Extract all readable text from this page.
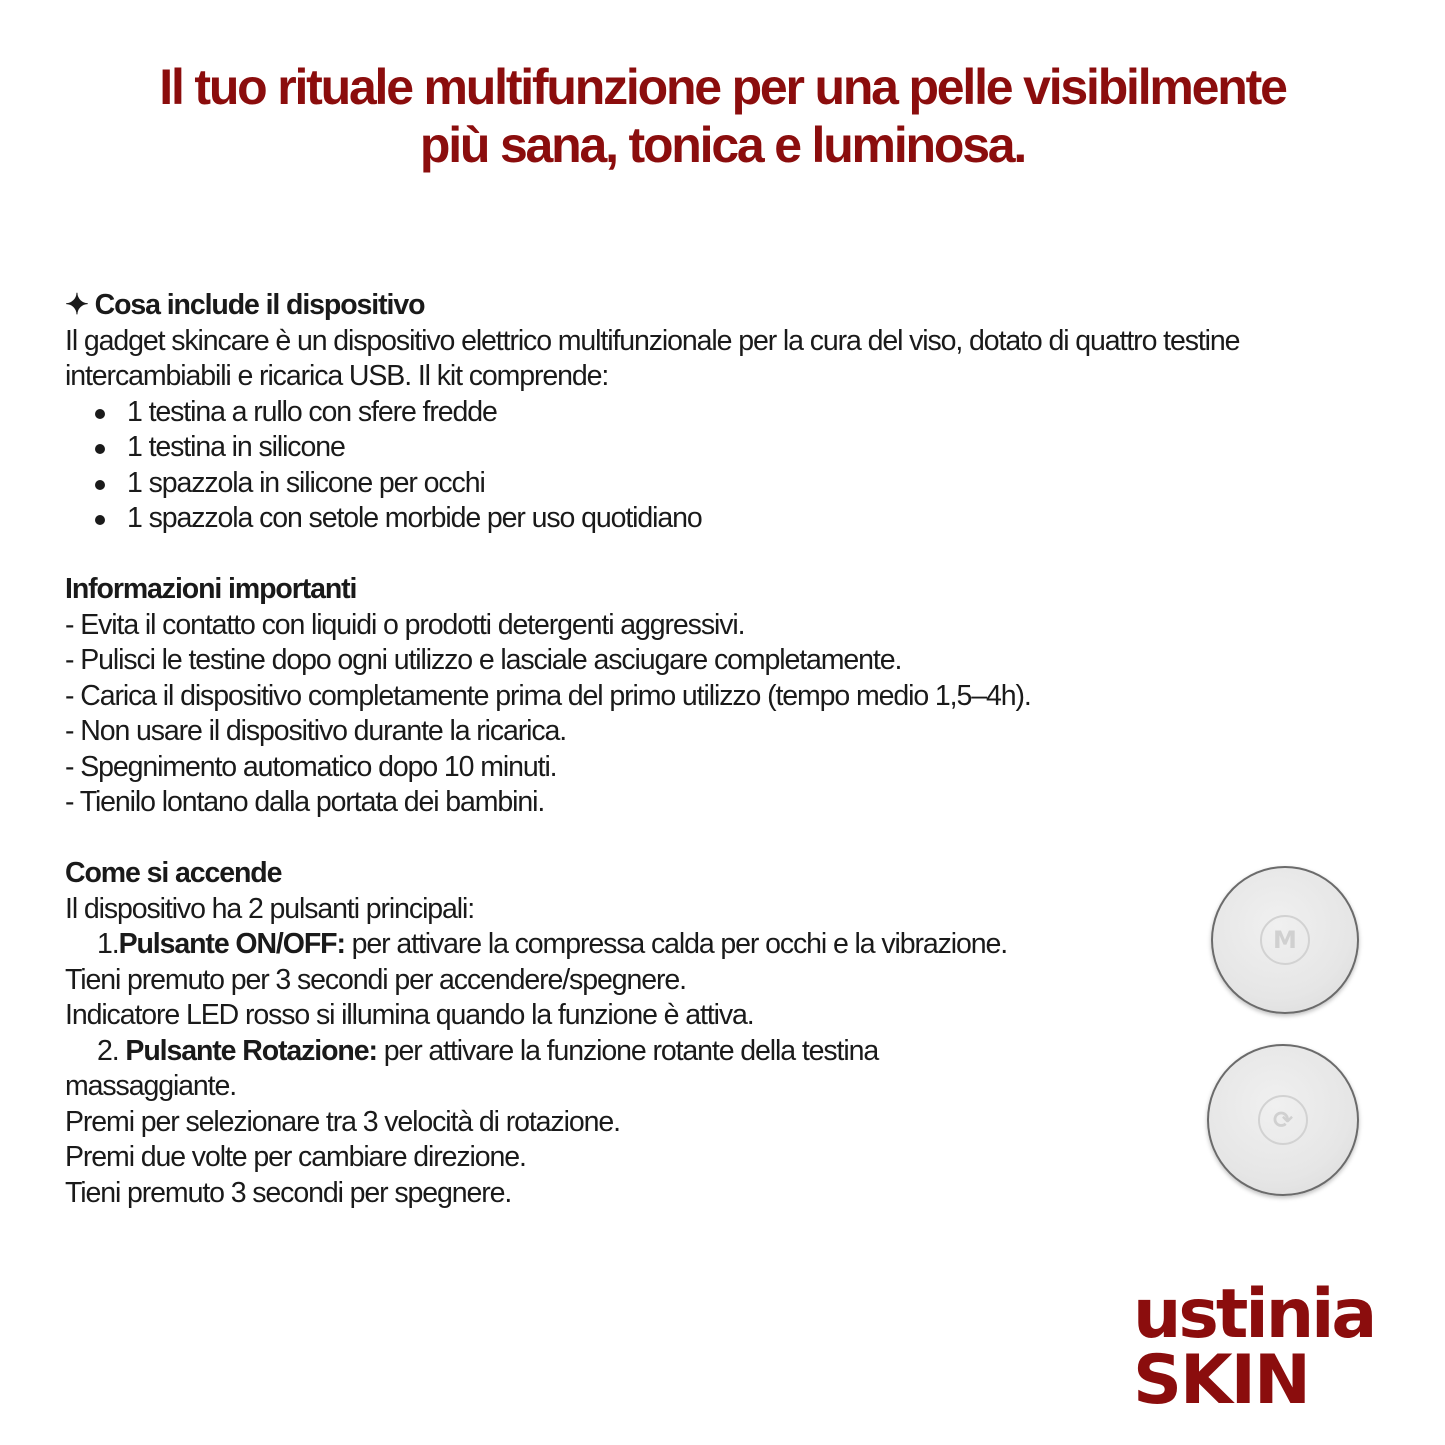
Il tuo rituale multifunzione per una pelle visibilmente più sana, tonica e luminosa.

✦ Cosa include il dispositivo

Il gadget skincare è un dispositivo elettrico multifunzionale per la cura del viso, dotato di quattro testine intercambiabili e ricarica USB. Il kit comprende:

1 testina a rullo con sfere fredde
1 testina in silicone
1 spazzola in silicone per occhi
1 spazzola con setole morbide per uso quotidiano

Informazioni importanti

- Evita il contatto con liquidi o prodotti detergenti aggressivi.

- Pulisci le testine dopo ogni utilizzo e lasciale asciugare completamente.

- Carica il dispositivo completamente prima del primo utilizzo (tempo medio 1,5–4h).

- Non usare il dispositivo durante la ricarica.

- Spegnimento automatico dopo 10 minuti.

- Tienilo lontano dalla portata dei bambini.

Come si accende

Il dispositivo ha 2 pulsanti principali:

1.Pulsante ON/OFF: per attivare la compressa calda per occhi e la vibrazione.

Tieni premuto per 3 secondi per accendere/spegnere.

Indicatore LED rosso si illumina quando la funzione è attiva.

2. Pulsante Rotazione: per attivare la funzione rotante della testina

massaggiante.

Premi per selezionare tra 3 velocità di rotazione.

Premi due volte per cambiare direzione.

Tieni premuto 3 secondi per spegnere.

M
⟳
ustinia
SKIN
